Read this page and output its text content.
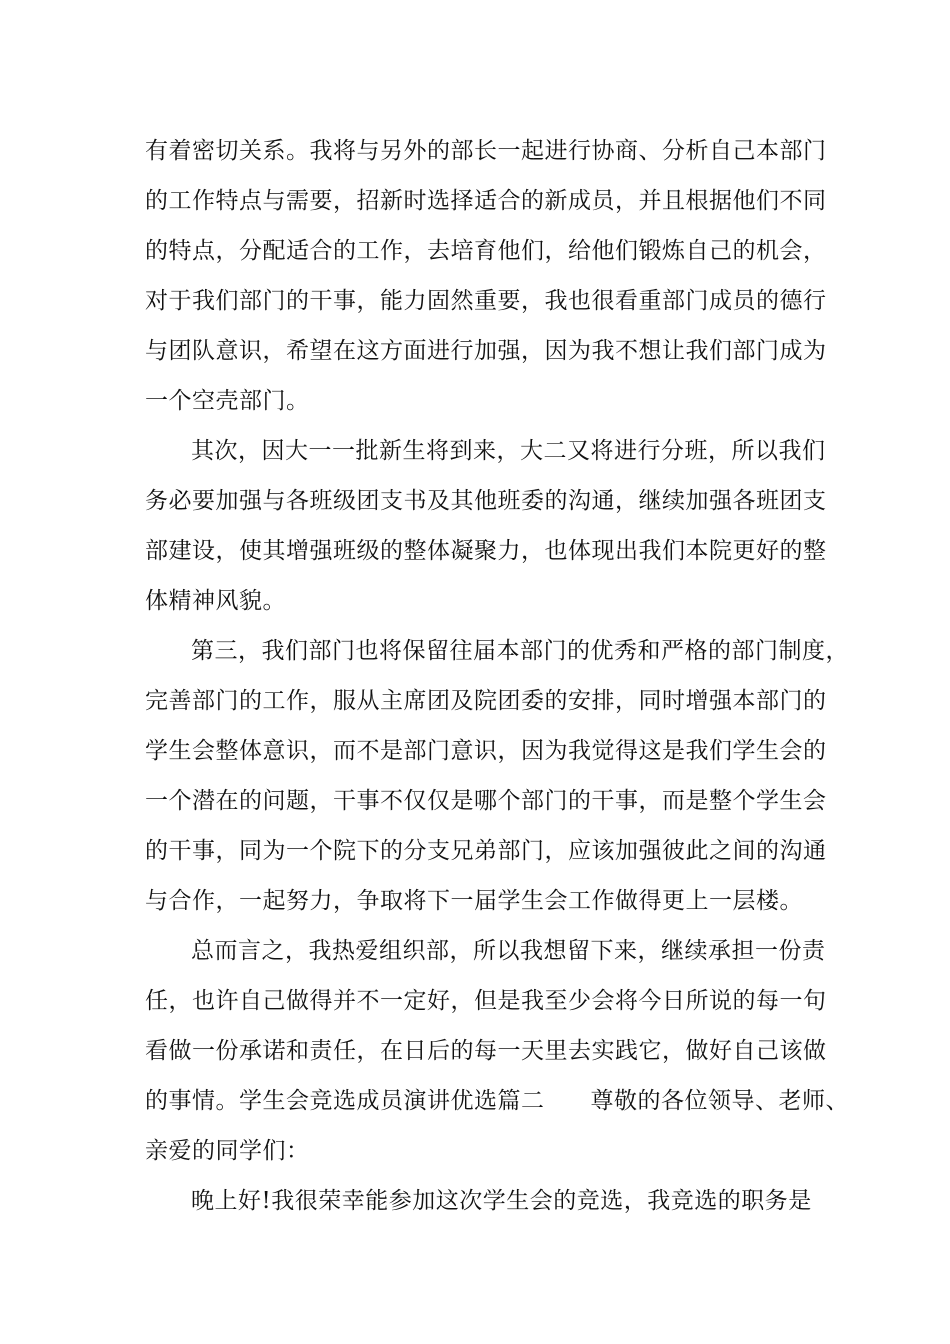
有着密切关系。我将与另外的部长一起进行协商、分析自己本部门
的工作特点与需要，招新时选择适合的新成员，并且根据他们不同
的特点，分配适合的工作，去培育他们，给他们锻炼自己的机会，
对于我们部门的干事，能力固然重要，我也很看重部门成员的德行
与团队意识，希望在这方面进行加强，因为我不想让我们部门成为
一个空壳部门。
其次，因大一一批新生将到来，大二又将进行分班，所以我们
务必要加强与各班级团支书及其他班委的沟通，继续加强各班团支
部建设，使其增强班级的整体凝聚力，也体现出我们本院更好的整
体精神风貌。
第三，我们部门也将保留往届本部门的优秀和严格的部门制度，
完善部门的工作，服从主席团及院团委的安排，同时增强本部门的
学生会整体意识，而不是部门意识，因为我觉得这是我们学生会的
一个潜在的问题，干事不仅仅是哪个部门的干事，而是整个学生会
的干事，同为一个院下的分支兄弟部门，应该加强彼此之间的沟通
与合作，一起努力，争取将下一届学生会工作做得更上一层楼。
总而言之，我热爱组织部，所以我想留下来，继续承担一份责
任，也许自己做得并不一定好，但是我至少会将今日所说的每一句
看做一份承诺和责任，在日后的每一天里去实践它，做好自己该做
的事情。学生会竞选成员演讲优选篇二 尊敬的各位领导、老师、
亲爱的同学们：
晚上好!我很荣幸能参加这次学生会的竞选，我竞选的职务是
